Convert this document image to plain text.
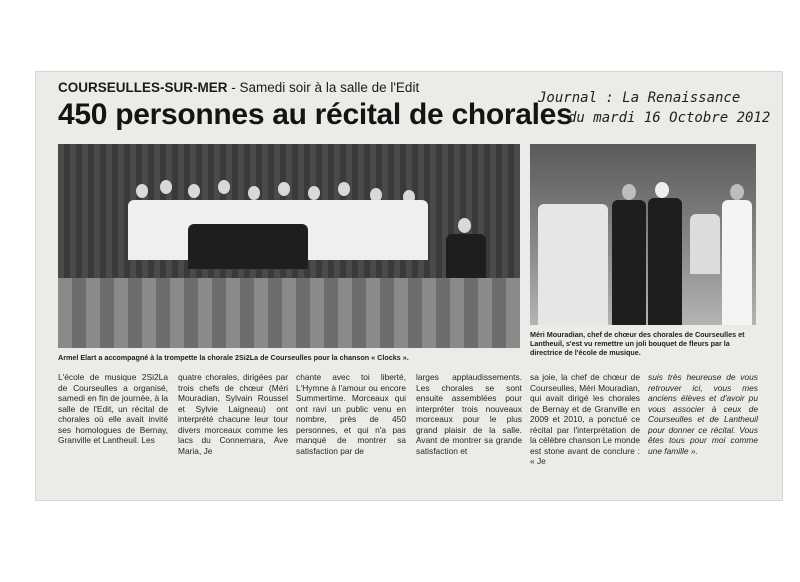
COURSEULLES-SUR-MER - Samedi soir à la salle de l'Edit
450 personnes au récital de chorales
Journal : La Renaissance
du mardi 16 Octobre 2012
Armel Elart a accompagné à la trompette la chorale 2Si2La de Courseulles pour la chanson « Clocks ».
Méri Mouradian, chef de chœur des chorales de Courseulles et Lantheuil, s'est vu remettre un joli bouquet de fleurs par la directrice de l'école de musique.

L'école de musique 2Si2La de Courseulles a organisé, samedi en fin de journée, à la salle de l'Edit, un récital de chorales où elle avait invité ses homologues de Bernay, Granville et Lantheuil. Les

quatre chorales, dirigées par trois chefs de chœur (Méri Mouradian, Sylvain Roussel et Sylvie Laigneau) ont interprété chacune leur tour divers morceaux comme les lacs du Connemara, Ave Maria, Je

chante avec toi liberté, L'Hymne à l'amour ou encore Summertime. Morceaux qui ont ravi un public venu en nombre, près de 450 personnes, et qui n'a pas manqué de montrer sa satisfaction par de

larges applaudissements. Les chorales se sont ensuite assemblées pour interpréter trois nouveaux morceaux pour le plus grand plaisir de la salle. Avant de montrer sa grande satisfaction et

sa joie, la chef de chœur de Courseulles, Méri Mouradian, qui avait dirigé les chorales de Bernay et de Granville en 2009 et 2010, a ponctué ce récital par l'interprétation de la célèbre chanson Le monde est stone avant de conclure : « Je

suis très heureuse de vous retrouver ici, vous mes anciens élèves et d'avoir pu vous associer à ceux de Courseulles et de Lantheuil pour donner ce récital. Vous êtes tous pour moi comme une famille ».
